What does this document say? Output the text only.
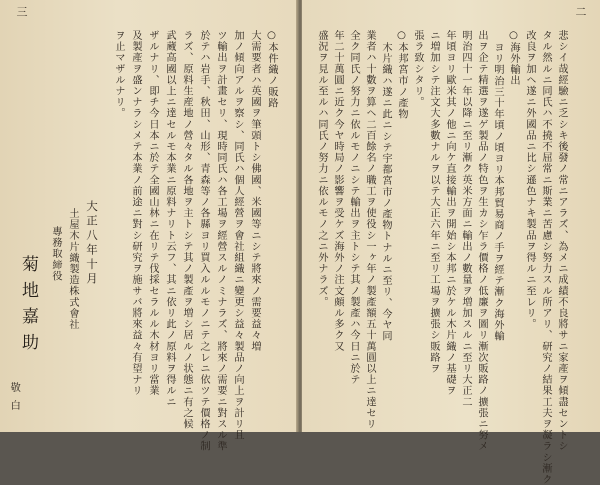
三
○本件織ノ販路
大需要者ハ英國ヲ筆頭トシ佛國、米國等ニシテ將來ノ需要益々増
加ノ傾向アルヲ察シ、同氏ハ個人經營ヲ會社組織ニ變更シ益々製品ノ向上ヲ計リ且
ツ輸出ヲ計畫セリ、現時同氏ハ各工場ヲ經營スルノミナラズ、將來ノ需要ニ對スル準
於テハ岩手、秋田、山形、青森等ノ各縣ヨリ買入ルルモノニテ之レニ依ツテ價格ノ制
ラズ、原料生産地ノ營々タル各地ヲ主トシテ其ノ製產ヲ増シ居ルノ状態ニ有之候
武蔵高國以上ニ達セルモ本業ニ原料ナリト云フ、其ニ依リ此ノ原料ヲ得ルニ
ザルナリ、即チ今日本ニ於テ全國山林ニ在リテ伐採セラルル木材ヨリ當業
及製產ヲ盛ンナラシメテ本業ノ前途ニ對シ研究ヲ施サバ將來益々有望ナリ
ヲ止マザルナリ。
大正八年十月
土屋木片織製造株式會社
專務取締役
菊地嘉助
敬白
二
悲シイ哉經驗ニ乏シキ後發ノ常ニアラズ、為メニ成績不良將サニ家產ヲ傾盡セントシ
タル然ルニ同氏ハ不撓不屈常ニ斯業ニ苦慮シ努力スル所アリ、研究ノ結果工夫ヲ凝ラシ漸ク
改良ヲ加ヘ遂ニ外國品ニ比シ遜色ナキ製品ヲ得ルニ至レリ。
○海外輸出
ヨリ明治三十年頃ノ頃ヨリ本邦貿易商ノ手ヲ經テ漸ク海外輸
出ヲ企テ精選ヲ遂ゲ製品ノ特色ヲ生カシ乍ラ價格ノ低廉ヲ圖リ漸次販路ノ擴張ニ努メ
明治四十一年以降ニ至リ漸ク英米方面ニ輸出ノ數量ヲ増加スルニ至リ大正二
年頃ヨリ歐米其ノ他ニ向ケ直接輸出ヲ開始シ本邦ニ於ケル木片織ノ基礎ヲ
ニ増加シテ注文大多數ナルヲ以テ大正六年ニ至リ工場ヲ擴張シ販路ヲ
張ラ致シタリ。
○本邦宮市ノ產物
木片織ハ遂ニ此ニシテ宇都宮市ノ產物トナルニ至リ、今ヤ同
業者ハ十數ヲ算ヘ二百餘名ノ職工ヲ使役シ一ヶ年ノ製產額五十萬圓以上ニ達セリ
全ク同氏ノ努力ニ依ルモノニシテ輸出ヲ主トシテ其ノ製產ハ今日ニ於テ
年二十萬圓ニ近ク今ヤ時局ノ影響ヲ受ケズ海外ノ注文頗ル多ク又
盛況ヲ見ル至ルハ同氏ノ努力ニ依ルモノ之ニ外ナラズ。
